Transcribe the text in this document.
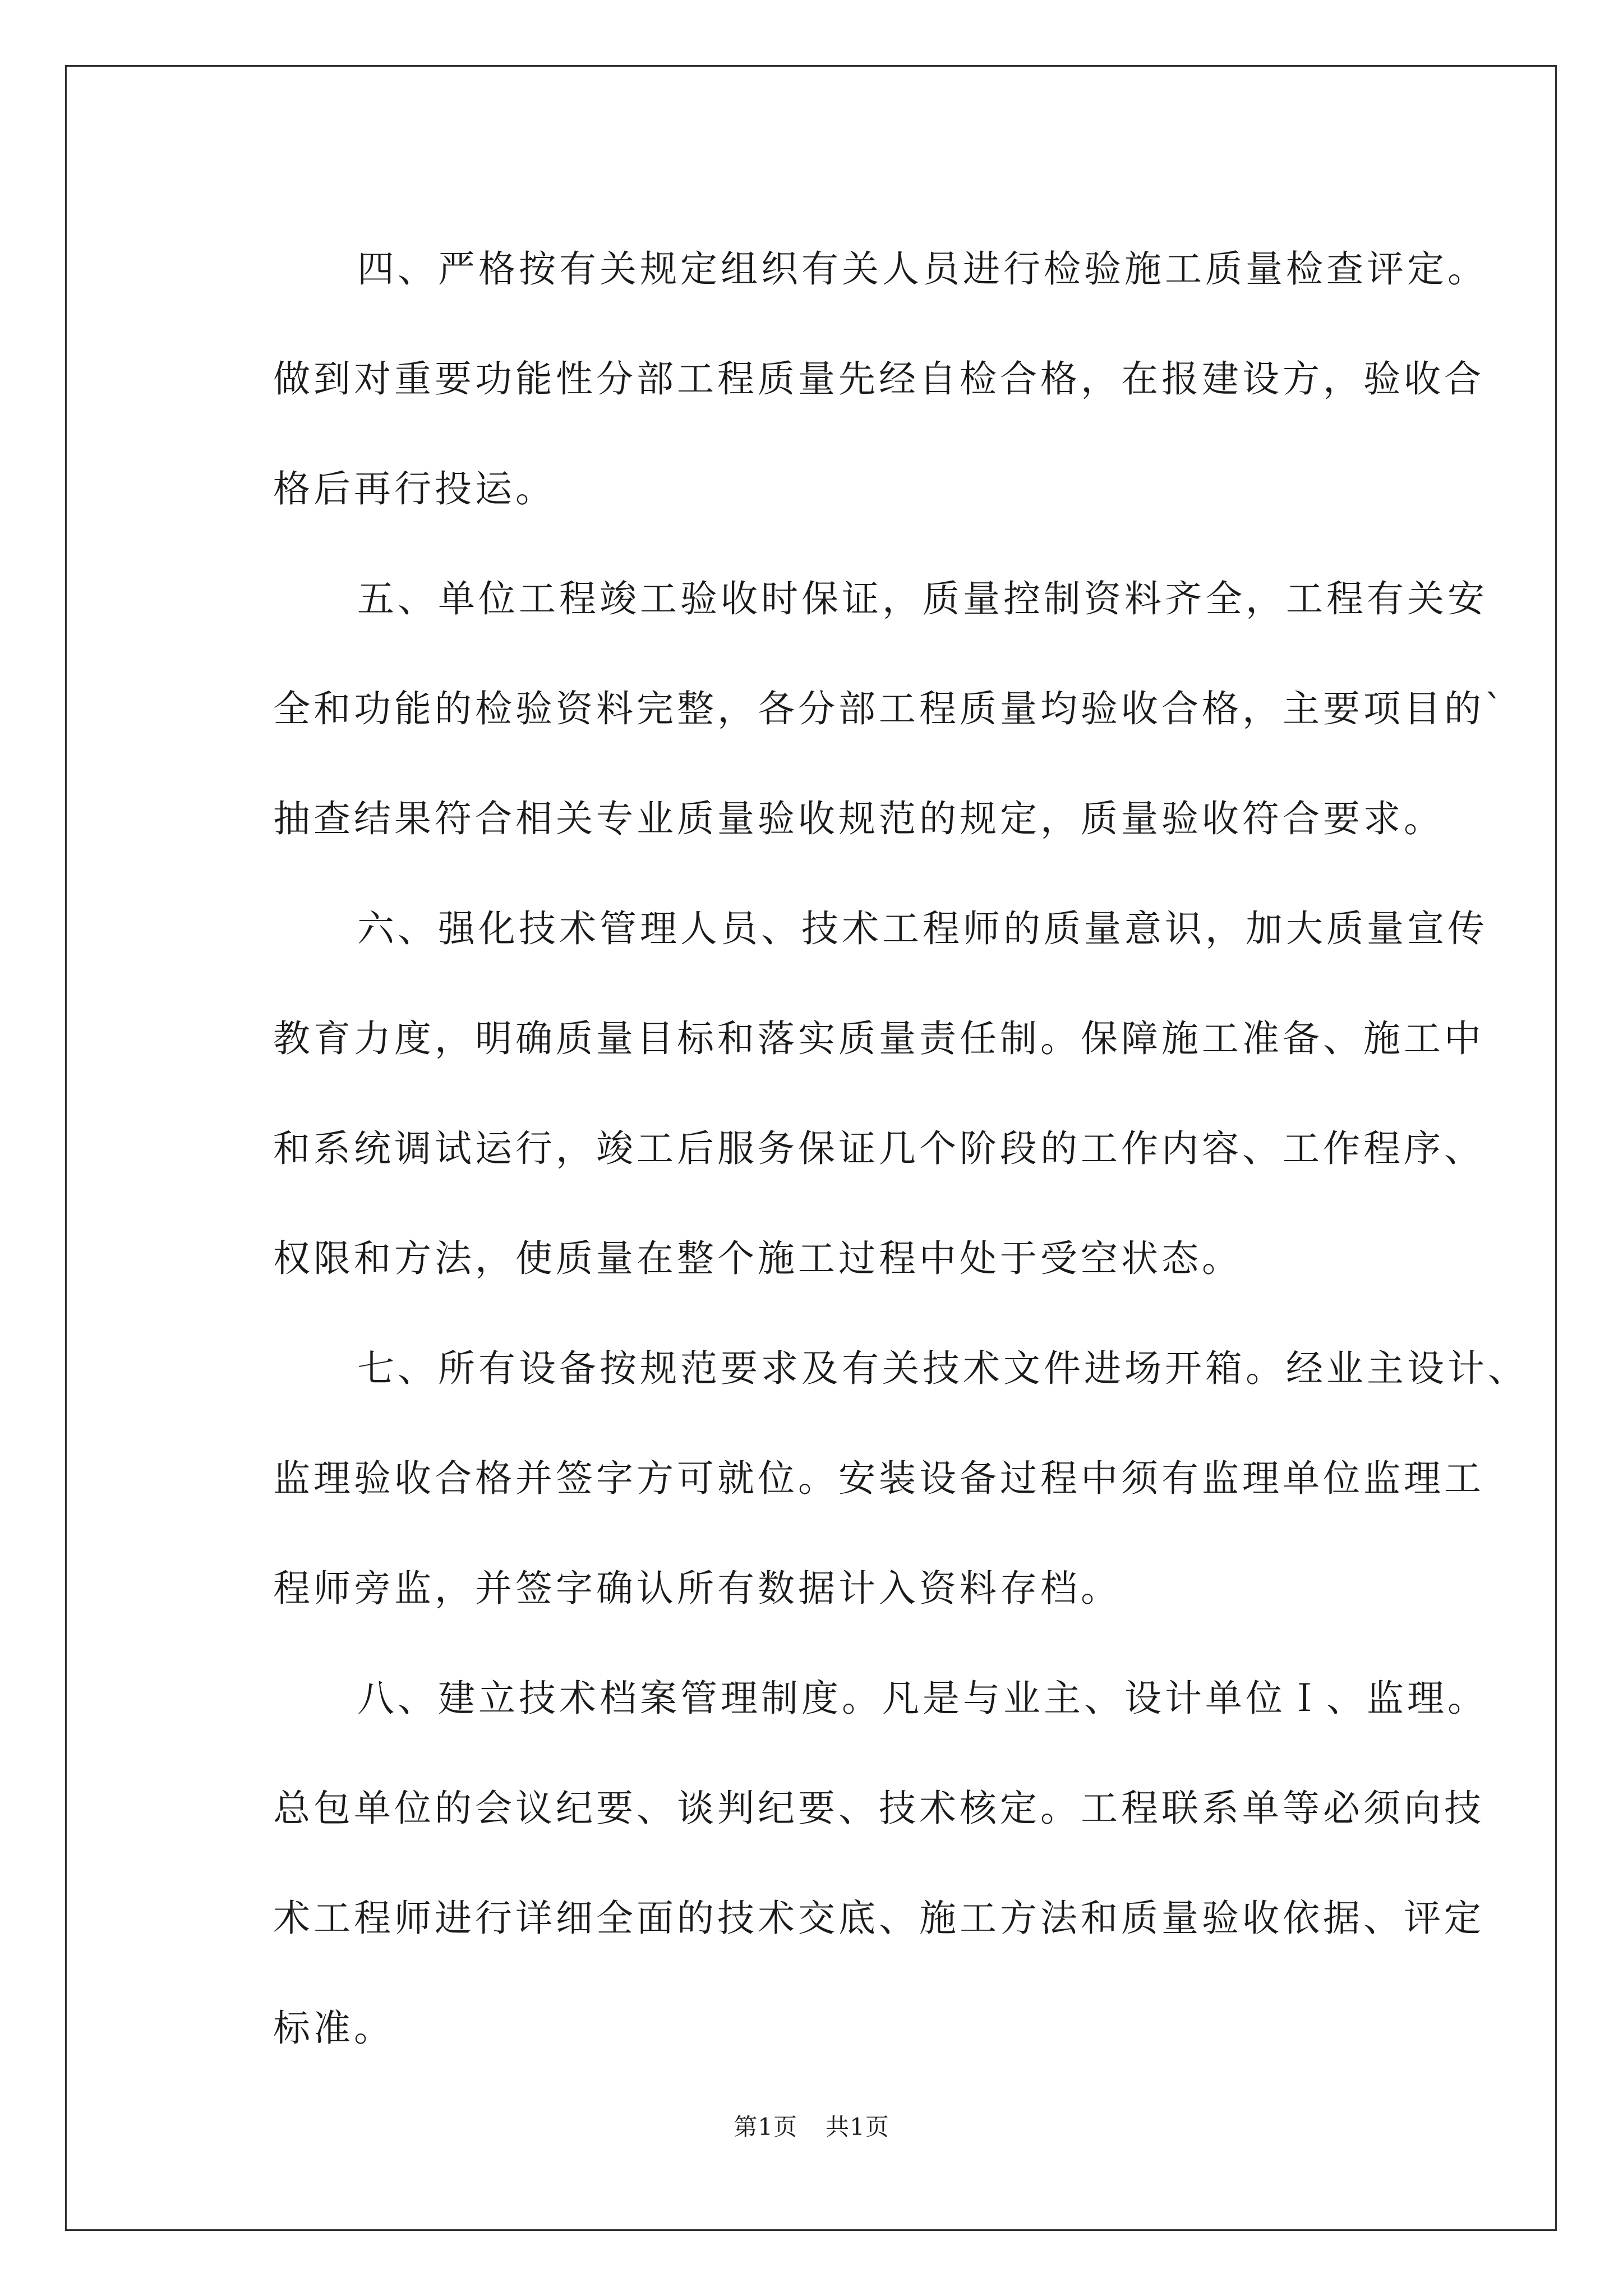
四、严格按有关规定组织有关人员进行检验施工质量检查评定。
做到对重要功能性分部工程质量先经自检合格，在报建设方，验收合
格后再行投运。
五、单位工程竣工验收时保证，质量控制资料齐全，工程有关安
全和功能的检验资料完整，各分部工程质量均验收合格，主要项目的`
抽查结果符合相关专业质量验收规范的规定，质量验收符合要求。
六、强化技术管理人员、技术工程师的质量意识，加大质量宣传
教育力度，明确质量目标和落实质量责任制。保障施工准备、施工中
和系统调试运行，竣工后服务保证几个阶段的工作内容、工作程序、
权限和方法，使质量在整个施工过程中处于受空状态。
七、所有设备按规范要求及有关技术文件进场开箱。经业主设计、
监理验收合格并签字方可就位。安装设备过程中须有监理单位监理工
程师旁监，并签字确认所有数据计入资料存档。
八、建立技术档案管理制度。凡是与业主、设计单位Ｉ、监理。
总包单位的会议纪要、谈判纪要、技术核定。工程联系单等必须向技
术工程师进行详细全面的技术交底、施工方法和质量验收依据、评定
标准。
第1页 共1页
